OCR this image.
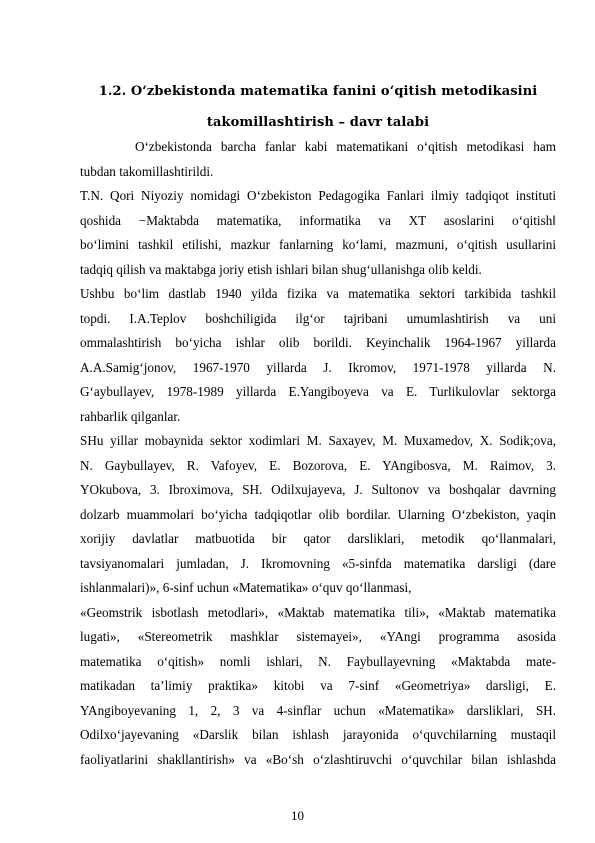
1.2. O‘zbekistonda matematika fanini o‘qitish metodikasini
takomillashtirish – davr talabi
O‘zbekistonda barcha fanlar kabi matematikani o‘qitish metodikasi ham
tubdan takomillashtirildi.
T.N. Qori Niyoziy nomidagi O‘zbekiston Pedagogika Fanlari ilmiy tadqiqot instituti
qoshida −Maktabda matematika, informatika va XT asoslarini o‘qitish‖
bo‘limini tashkil etilishi, mazkur fanlarning ko‘lami, mazmuni, o‘qitish usullarini
tadqiq qilish va maktabga joriy etish ishlari bilan shug‘ullanishga olib keldi.
Ushbu bo‘lim dastlab 1940 yilda fizika va matematika sektori tarkibida tashkil
topdi. I.A.Teplov boshchiligida ilg‘or tajribani umumlashtirish va uni
ommalashtirish bo‘yicha ishlar olib borildi. Keyinchalik 1964-1967 yillarda
A.A.Samig‘jonov, 1967-1970 yillarda J. Ikromov, 1971-1978 yillarda N.
G‘aybullayev, 1978-1989 yillarda E.Yangiboyeva va E. Turlikulovlar sektorga
rahbarlik qilganlar.
SHu yillar mobaynida sektor xodimlari M. Saxayev, M. Muxamedov, X. Sodik;ova,
N. Gaybullayev, R. Vafoyev, E. Bozorova, E. YAngibosva, M. Raimov, 3.
YOkubova, 3. Ibroximova, SH. Odilxujayeva, J. Sultonov va boshqalar davrning
dolzarb muammolari bo‘yicha tadqiqotlar olib bordilar. Ularning O‘zbekiston, yaqin
xorijiy davlatlar matbuotida bir qator darsliklari, metodik qo‘llanmalari,
tavsiyanomalari jumladan, J. Ikromovning «5-sinfda matematika darsligi (dare
ishlanmalari)», 6-sinf uchun «Matematika» o‘quv qo‘llanmasi,
«Geomstrik isbotlash metodlari», «Maktab matematika tili», «Maktab matematika
lugati», «Stereometrik mashklar sistemayei», «YAngi programma asosida
matematika o‘qitish» nomli ishlari, N. Faybullayevning «Maktabda mate-
matikadan ta’limiy praktika» kitobi va 7-sinf «Geometriya» darsligi, E.
YAngiboyevaning 1, 2, 3 va 4-sinflar uchun «Matematika» darsliklari, SH.
Odilxo‘jayevaning «Darslik bilan ishlash jarayonida o‘quvchilarning mustaqil
faoliyatlarini shakllantirish» va «Bo‘sh o‘zlashtiruvchi o‘quvchilar bilan ishlashda
10
